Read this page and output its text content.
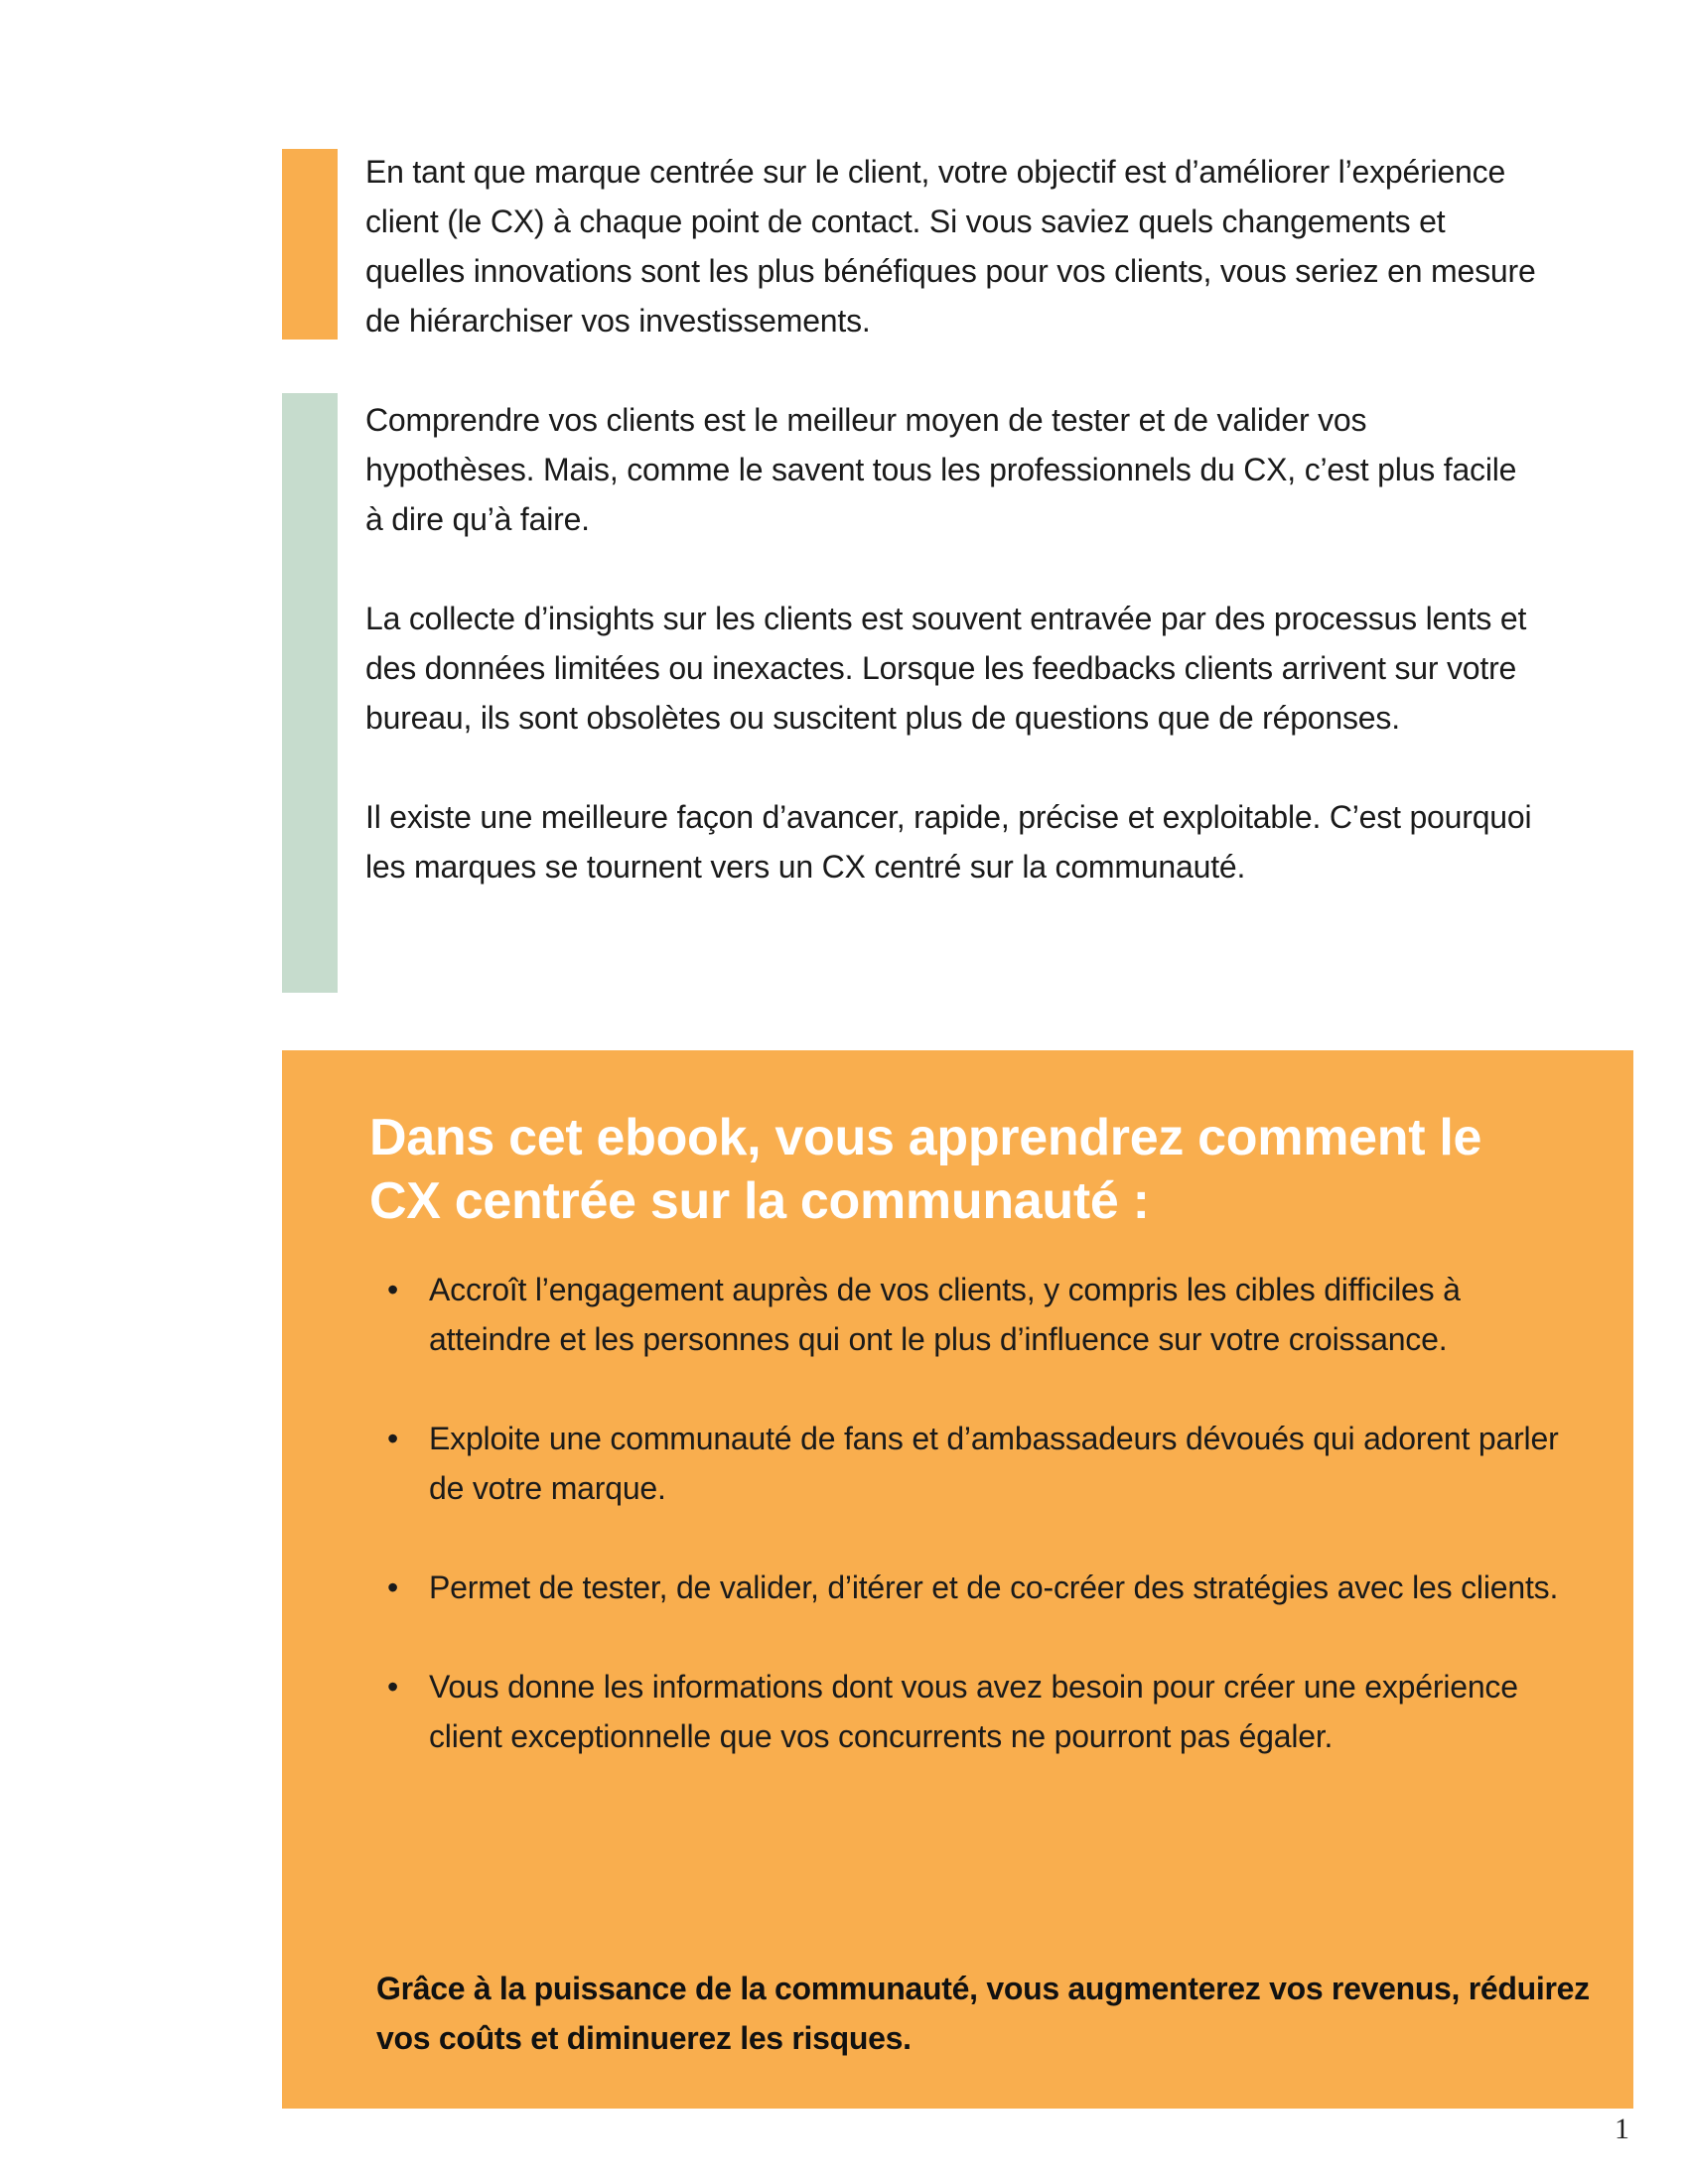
En tant que marque centrée sur le client, votre objectif est d’améliorer l’expérience client (le CX) à chaque point de contact. Si vous saviez quels changements et quelles innovations sont les plus bénéfiques pour vos clients, vous seriez en mesure de hiérarchiser vos investissements.

Comprendre vos clients est le meilleur moyen de tester et de valider vos hypothèses. Mais, comme le savent tous les professionnels du CX, c’est plus facile à dire qu’à faire.

La collecte d’insights sur les clients est souvent entravée par des processus lents et des données limitées ou inexactes. Lorsque les feedbacks clients arrivent sur votre bureau, ils sont obsolètes ou suscitent plus de questions que de réponses.

Il existe une meilleure façon d’avancer, rapide, précise et exploitable. C’est pourquoi les marques se tournent vers un CX centré sur la communauté.

Dans cet ebook, vous apprendrez comment le CX centrée sur la communauté :
• Accroît l’engagement auprès de vos clients, y compris les cibles difficiles à atteindre et les personnes qui ont le plus d’influence sur votre croissance.
• Exploite une communauté de fans et d’ambassadeurs dévoués qui adorent parler de votre marque.
• Permet de tester, de valider, d’itérer et de co-créer des stratégies avec les clients.
• Vous donne les informations dont vous avez besoin pour créer une expérience client exceptionnelle que vos concurrents ne pourront pas égaler.

Grâce à la puissance de la communauté, vous augmenterez vos revenus, réduirez vos coûts et diminuerez les risques.

1
